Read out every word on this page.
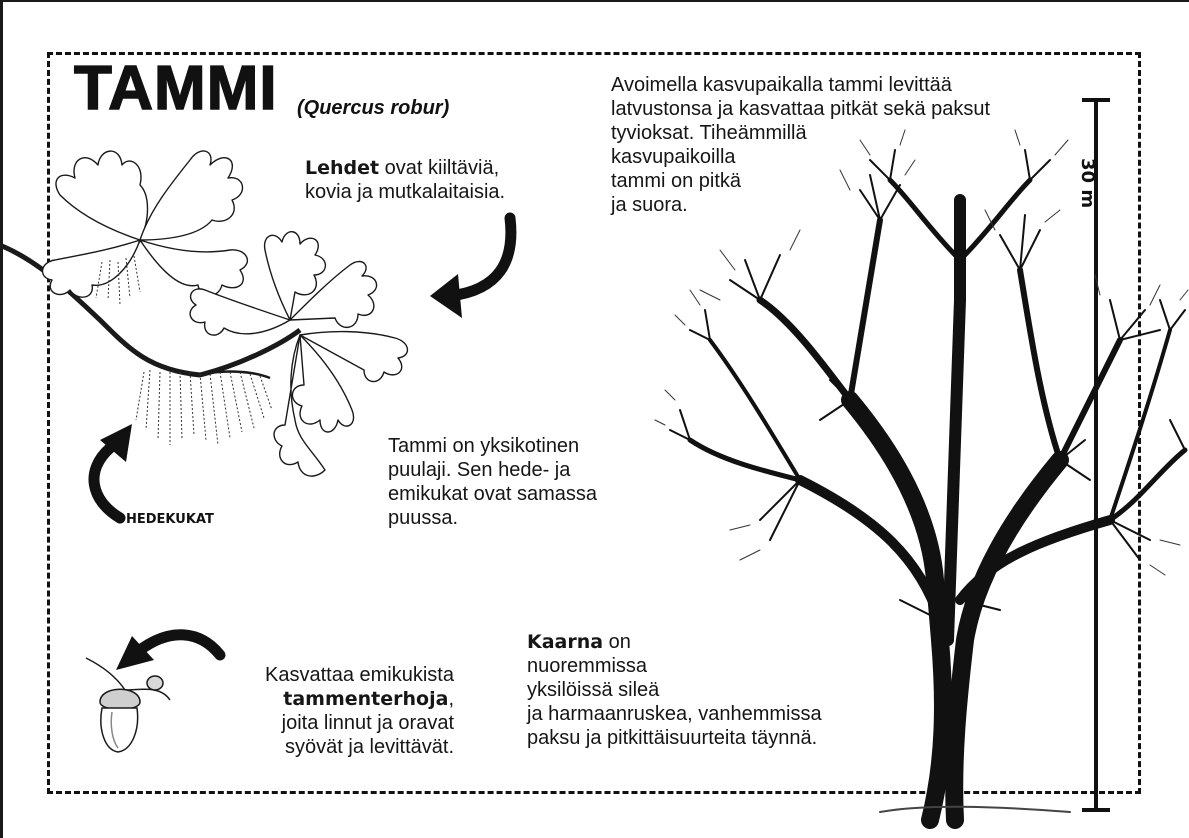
TAMMI (Quercus robur)

Lehdet ovat kiiltäviä,
kovia ja mutkalaitaisia.

Avoimella kasvupaikalla tammi levittää
latvustonsa ja kasvattaa pitkät sekä paksut
tyvioksat. Tiheämmillä
kasvupaikoilla
tammi on pitkä
ja suora.	30 m

Tammi on yksikotinen
puulaji. Sen hede- ja
emikukat ovat samassa
puussa.

HEDEKUKAT

Kasvattaa emikukista
tammenterhoja,
joita linnut ja oravat
syövät ja levittävät.

Kaarna on
nuoremmissa
yksilöissä sileä
ja harmaanruskea, vanhemmissa
paksu ja pitkittäisuurteita täynnä.
